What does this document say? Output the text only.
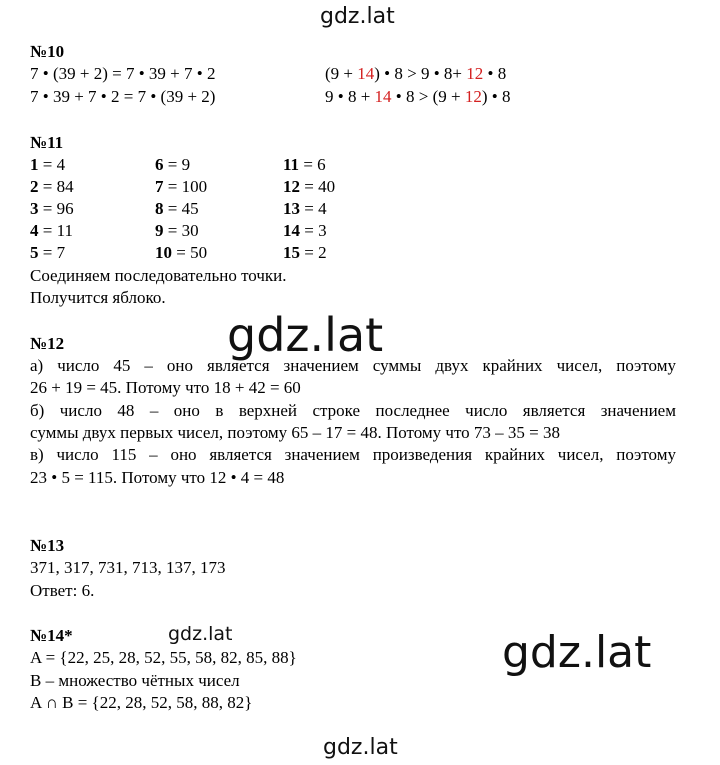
gdz.lat
gdz.lat
gdz.lat	gdz.lat
gdz.lat
№10
7 • (39 + 2) = 7 • 39 + 7 • 2
7 • 39 + 7 • 2 = 7 • (39 + 2)
(9 + 14) • 8 > 9 • 8+ 12 • 8
9 • 8 + 14 • 8 > (9 + 12) • 8
№11
1 = 4
2 = 84
3 = 96
4 = 11
5 = 7
6 = 9
7 = 100
8 = 45
9 = 30
10 = 50
11 = 6
12 = 40
13 = 4
14 = 3
15 = 2
Соединяем последовательно точки.
Получится яблоко.
№12
а) число 45 – оно является значением суммы двух крайних чисел, поэтому
26 + 19 = 45. Потому что 18 + 42 = 60
б) число 48 – оно в верхней строке последнее число является значением
суммы двух первых чисел, поэтому 65 – 17 = 48. Потому что 73 – 35 = 38
в) число 115 – оно является значением произведения крайних чисел, поэтому
23 • 5 = 115. Потому что 12 • 4 = 48
№13
371, 317, 731, 713, 137, 173
Ответ: 6.
№14*
A = {22, 25, 28, 52, 55, 58, 82, 85, 88}
B – множество чётных чисел
A ∩ B = {22, 28, 52, 58, 88, 82}
